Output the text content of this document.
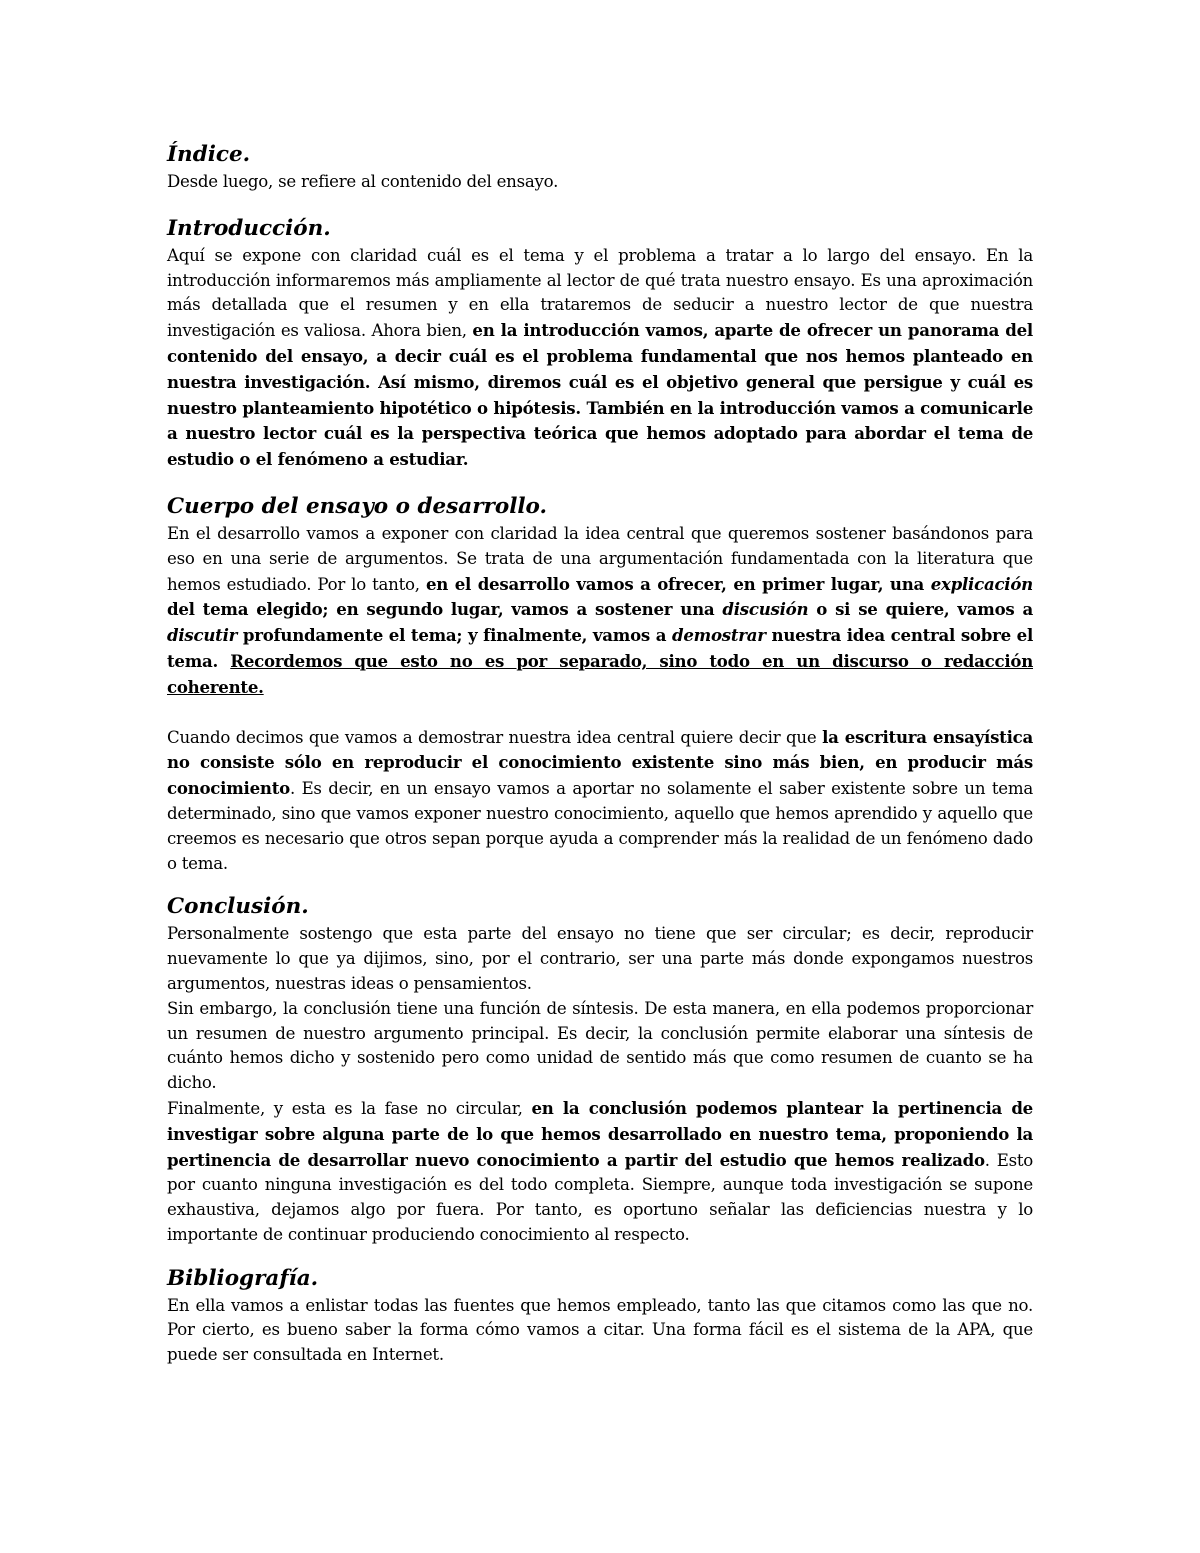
Índice.

Desde luego, se refiere al contenido del ensayo.

Introducción.

Aquí se expone con claridad cuál es el tema y el problema a tratar a lo largo del ensayo. En la introducción informaremos más ampliamente al lector de qué trata nuestro ensayo. Es una aproximación más detallada que el resumen y en ella trataremos de seducir a nuestro lector de que nuestra investigación es valiosa. Ahora bien, en la introducción vamos, aparte de ofrecer un panorama del contenido del ensayo, a decir cuál es el problema fundamental que nos hemos planteado en nuestra investigación. Así mismo, diremos cuál es el objetivo general que persigue y cuál es nuestro planteamiento hipotético o hipótesis. También en la introducción vamos a comunicarle a nuestro lector cuál es la perspectiva teórica que hemos adoptado para abordar el tema de estudio o el fenómeno a estudiar.

Cuerpo del ensayo o desarrollo.

En el desarrollo vamos a exponer con claridad la idea central que queremos sostener basándonos para eso en una serie de argumentos. Se trata de una argumentación fundamentada con la literatura que hemos estudiado. Por lo tanto, en el desarrollo vamos a ofrecer, en primer lugar, una explicación del tema elegido; en segundo lugar, vamos a sostener una discusión o si se quiere, vamos a discutir profundamente el tema; y finalmente, vamos a demostrar nuestra idea central sobre el tema. Recordemos que esto no es por separado, sino todo en un discurso o redacción coherente.

Cuando decimos que vamos a demostrar nuestra idea central quiere decir que la escritura ensayística no consiste sólo en reproducir el conocimiento existente sino más bien, en producir más conocimiento. Es decir, en un ensayo vamos a aportar no solamente el saber existente sobre un tema determinado, sino que vamos exponer nuestro conocimiento, aquello que hemos aprendido y aquello que creemos es necesario que otros sepan porque ayuda a comprender más la realidad de un fenómeno dado o tema.

Conclusión.

Personalmente sostengo que esta parte del ensayo no tiene que ser circular; es decir, reproducir nuevamente lo que ya dijimos, sino, por el contrario, ser una parte más donde expongamos nuestros argumentos, nuestras ideas o pensamientos.

Sin embargo, la conclusión tiene una función de síntesis. De esta manera, en ella podemos proporcionar un resumen de nuestro argumento principal. Es decir, la conclusión permite elaborar una síntesis de cuánto hemos dicho y sostenido pero como unidad de sentido más que como resumen de cuanto se ha dicho.

Finalmente, y esta es la fase no circular, en la conclusión podemos plantear la pertinencia de investigar sobre alguna parte de lo que hemos desarrollado en nuestro tema, proponiendo la pertinencia de desarrollar nuevo conocimiento a partir del estudio que hemos realizado. Esto por cuanto ninguna investigación es del todo completa. Siempre, aunque toda investigación se supone exhaustiva, dejamos algo por fuera. Por tanto, es oportuno señalar las deficiencias nuestra y lo importante de continuar produciendo conocimiento al respecto.

Bibliografía.

En ella vamos a enlistar todas las fuentes que hemos empleado, tanto las que citamos como las que no. Por cierto, es bueno saber la forma cómo vamos a citar. Una forma fácil es el sistema de la APA, que puede ser consultada en Internet.
